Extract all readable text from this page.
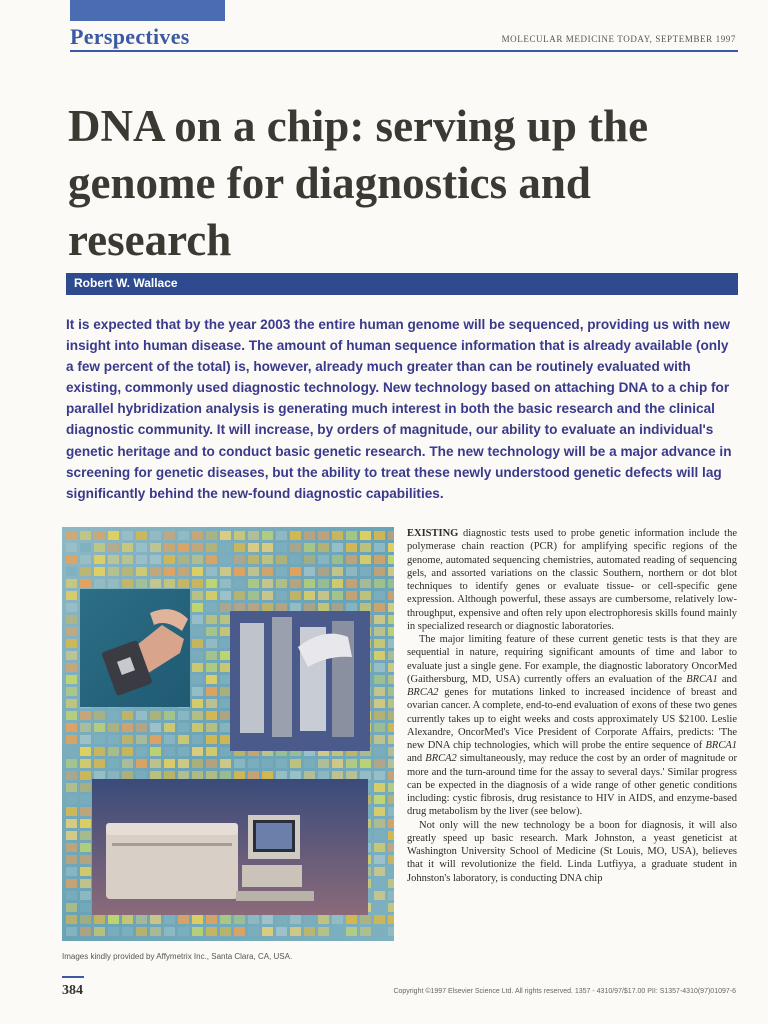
Perspectives	MOLECULAR MEDICINE TODAY, SEPTEMBER 1997
DNA on a chip: serving up the genome for diagnostics and research
Robert W. Wallace

It is expected that by the year 2003 the entire human genome will be sequenced, providing us with new insight into human disease. The amount of human sequence information that is already available (only a few percent of the total) is, however, already much greater than can be routinely evaluated with existing, commonly used diagnostic technology. New technology based on attaching DNA to a chip for parallel hybridization analysis is generating much interest in both the basic research and the clinical diagnostic community. It will increase, by orders of magnitude, our ability to evaluate an individual's genetic heritage and to conduct basic genetic research. The new technology will be a major advance in screening for genetic diseases, but the ability to treat these newly understood genetic defects will lag significantly behind the new-found diagnostic capabilities.

Images kindly provided by Affymetrix Inc., Santa Clara, CA, USA.

EXISTING diagnostic tests used to probe genetic information include the polymerase chain reaction (PCR) for amplifying specific regions of the genome, automated sequencing chemistries, automated reading of sequencing gels, and assorted variations on the classic Southern, northern or dot blot techniques to identify genes or evaluate tissue- or cell-specific gene expression. Although powerful, these assays are cumbersome, relatively low-throughput, expensive and often rely upon electrophoresis skills found mainly in specialized research or diagnostic laboratories.

The major limiting feature of these current genetic tests is that they are sequential in nature, requiring significant amounts of time and labor to evaluate just a single gene. For example, the diagnostic laboratory OncorMed (Gaithersburg, MD, USA) currently offers an evaluation of the BRCA1 and BRCA2 genes for mutations linked to increased incidence of breast and ovarian cancer. A complete, end-to-end evaluation of exons of these two genes currently takes up to eight weeks and costs approximately US $2100. Leslie Alexandre, OncorMed's Vice President of Corporate Affairs, predicts: 'The new DNA chip technologies, which will probe the entire sequence of BRCA1 and BRCA2 simultaneously, may reduce the cost by an order of magnitude or more and the turn-around time for the assay to several days.' Similar progress can be expected in the diagnosis of a wide range of other genetic conditions including: cystic fibrosis, drug resistance to HIV in AIDS, and enzyme-based drug metabolism by the liver (see below).

Not only will the new technology be a boon for diagnosis, it will also greatly speed up basic research. Mark Johnston, a yeast geneticist at Washington University School of Medicine (St Louis, MO, USA), believes that it will revolutionize the field. Linda Lutfiyya, a graduate student in Johnston's laboratory, is conducting DNA chip

384	Copyright ©1997 Elsevier Science Ltd. All rights reserved. 1357 - 4310/97/$17.00 PII: S1357-4310(97)01097-6
